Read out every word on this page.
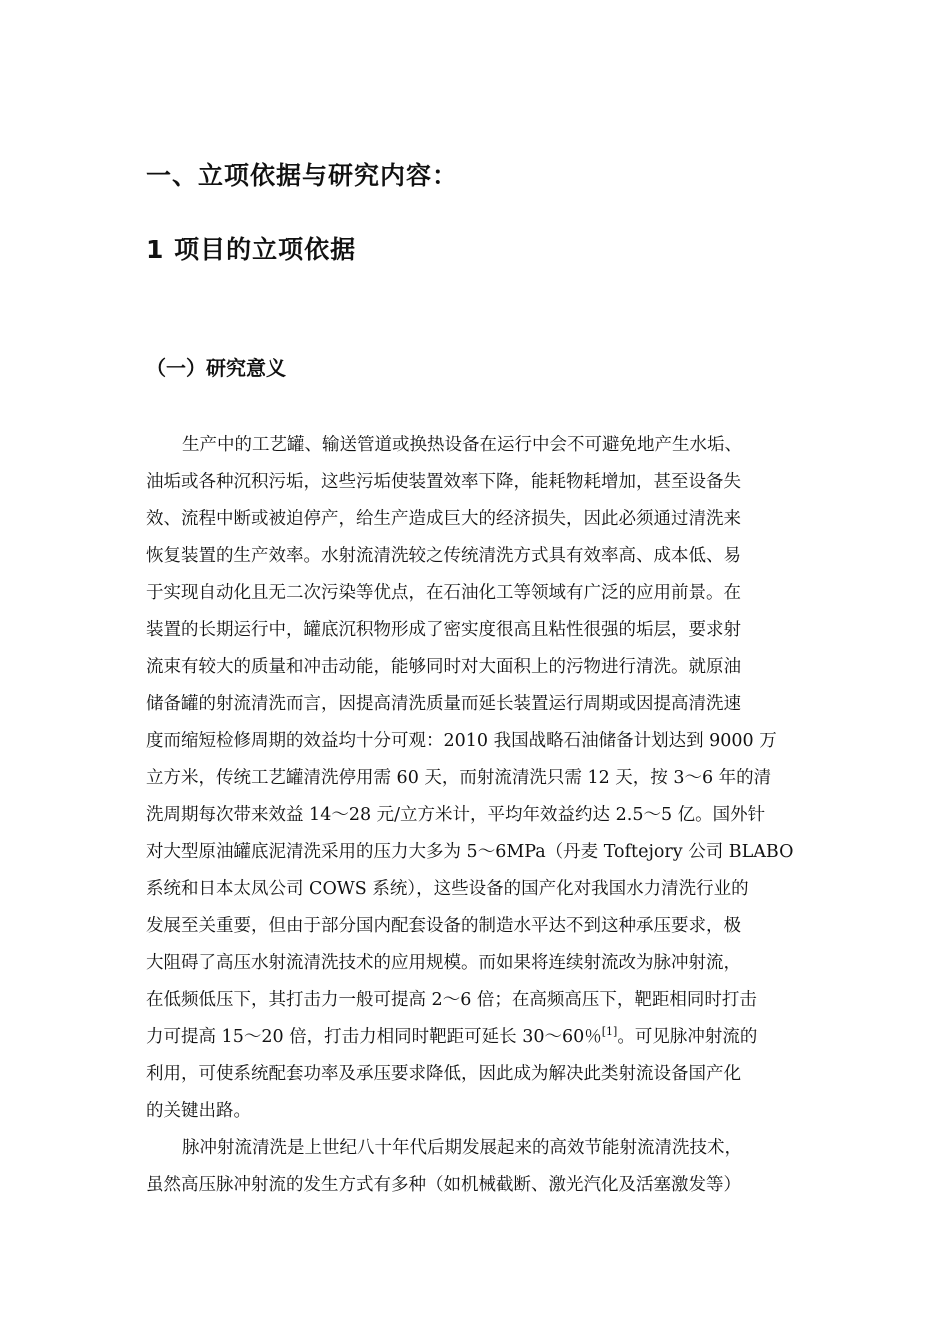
一、立项依据与研究内容：
1 项目的立项依据
（一）研究意义
生产中的工艺罐、输送管道或换热设备在运行中会不可避免地产生水垢、
油垢或各种沉积污垢，这些污垢使装置效率下降，能耗物耗增加，甚至设备失
效、流程中断或被迫停产，给生产造成巨大的经济损失，因此必须通过清洗来
恢复装置的生产效率。水射流清洗较之传统清洗方式具有效率高、成本低、易
于实现自动化且无二次污染等优点，在石油化工等领域有广泛的应用前景。在
装置的长期运行中，罐底沉积物形成了密实度很高且粘性很强的垢层，要求射
流束有较大的质量和冲击动能，能够同时对大面积上的污物进行清洗。就原油
储备罐的射流清洗而言，因提高清洗质量而延长装置运行周期或因提高清洗速
度而缩短检修周期的效益均十分可观：2010 我国战略石油储备计划达到 9000 万
立方米，传统工艺罐清洗停用需 60 天，而射流清洗只需 12 天，按 3～6 年的清
洗周期每次带来效益 14～28 元/立方米计，平均年效益约达 2.5～5 亿。国外针
对大型原油罐底泥清洗采用的压力大多为 5～6MPa（丹麦 Toftejory 公司 BLABO
系统和日本太凤公司 COWS 系统），这些设备的国产化对我国水力清洗行业的
发展至关重要，但由于部分国内配套设备的制造水平达不到这种承压要求，极
大阻碍了高压水射流清洗技术的应用规模。而如果将连续射流改为脉冲射流，
在低频低压下，其打击力一般可提高 2～6 倍；在高频高压下，靶距相同时打击
力可提高 15～20 倍，打击力相同时靶距可延长 30～60％[1]。可见脉冲射流的
利用，可使系统配套功率及承压要求降低，因此成为解决此类射流设备国产化
的关键出路。
脉冲射流清洗是上世纪八十年代后期发展起来的高效节能射流清洗技术，
虽然高压脉冲射流的发生方式有多种（如机械截断、激光汽化及活塞激发等）
